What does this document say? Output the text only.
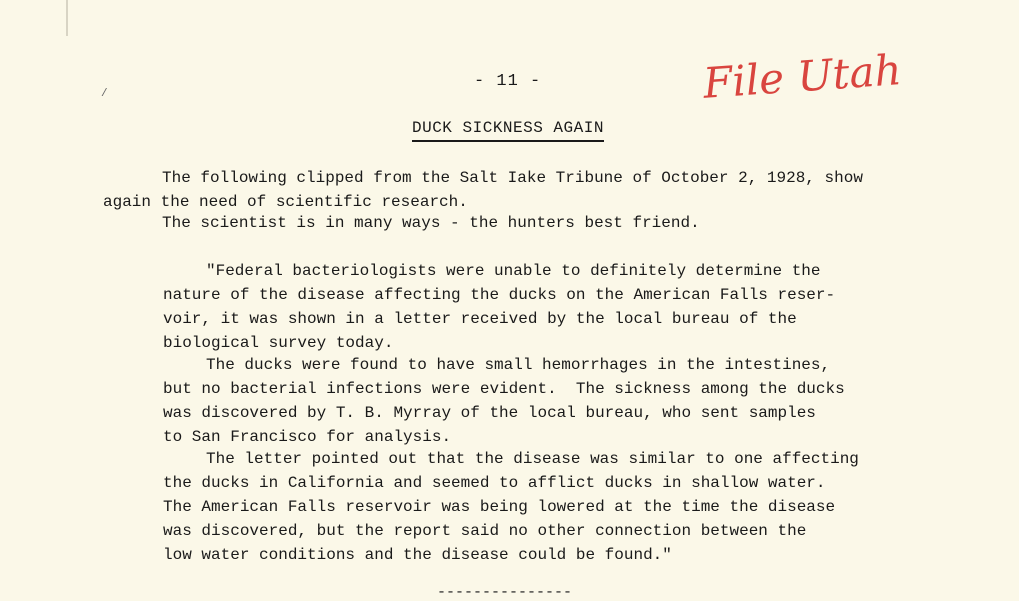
/
- 11 -	File Utah
DUCK SICKNESS AGAIN
The following clipped from the Salt Iake Tribune of October 2, 1928, show
again the need of scientific research.
The scientist is in many ways - the hunters best friend.
"Federal bacteriologists were unable to definitely determine the
nature of the disease affecting the ducks on the American Falls reser-
voir, it was shown in a letter received by the local bureau of the
biological survey today.
The ducks were found to have small hemorrhages in the intestines,
but no bacterial infections were evident.  The sickness among the ducks
was discovered by T. B. Myrray of the local bureau, who sent samples
to San Francisco for analysis.
The letter pointed out that the disease was similar to one affecting
the ducks in California and seemed to afflict ducks in shallow water.
The American Falls reservoir was being lowered at the time the disease
was discovered, but the report said no other connection between the
low water conditions and the disease could be found."
---------------
